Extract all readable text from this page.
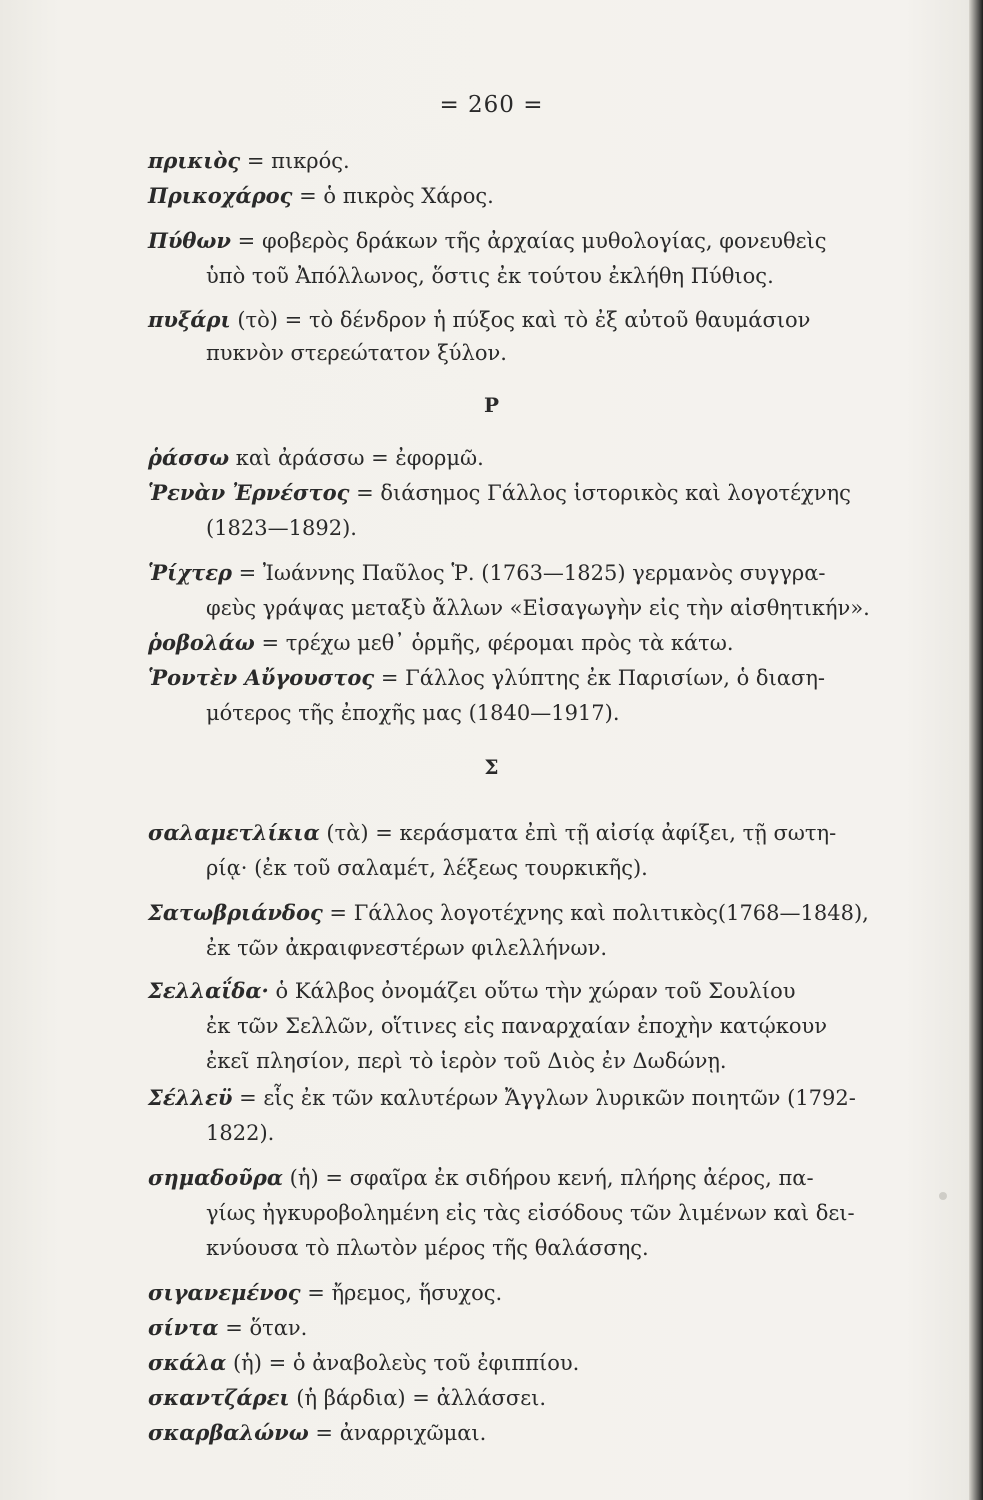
= 260 =
Ρ
Σ
πρικιὸς = πικρός.
Πρικοχάρος = ὁ πικρὸς Χάρος.
Πύθων = φοβερὸς δράκων τῆς ἀρχαίας μυθολογίας, φονευθεὶς
ὑπὸ τοῦ Ἀπόλλωνος, ὅστις ἐκ τούτου ἐκλήθη Πύθιος.
πυξάρι (τὸ) = τὸ δένδρον ἡ πύξος καὶ τὸ ἐξ αὐτοῦ θαυμάσιον
πυκνὸν στερεώτατον ξύλον.
ῥάσσω καὶ ἀράσσω = ἐφορμῶ.
Ῥενὰν Ἐρνέστος = διάσημος Γάλλος ἱστορικὸς καὶ λογοτέχνης
(1823—1892).
Ῥίχτερ = Ἰωάννης Παῦλος Ῥ. (1763—1825) γερμανὸς συγγρα-
φεὺς γράψας μεταξὺ ἄλλων «Εἰσαγωγὴν εἰς τὴν αἰσθητικήν».
ῥοβολάω = τρέχω μεθ᾽ ὁρμῆς, φέρομαι πρὸς τὰ κάτω.
Ῥοντὲν Αὔγουστος = Γάλλος γλύπτης ἐκ Παρισίων, ὁ διαση-
μότερος τῆς ἐποχῆς μας (1840—1917).
σαλαμετλίκια (τὰ) = κεράσματα ἐπὶ τῇ αἰσίᾳ ἀφίξει, τῇ σωτη-
ρίᾳ· (ἐκ τοῦ σαλαμέτ, λέξεως τουρκικῆς).
Σατωβριάνδος = Γάλλος λογοτέχνης καὶ πολιτικὸς(1768—1848),
ἐκ τῶν ἀκραιφνεστέρων φιλελλήνων.
Σελλαΐδα· ὁ Κάλβος ὀνομάζει οὕτω τὴν χώραν τοῦ Σουλίου
ἐκ τῶν Σελλῶν, οἵτινες εἰς παναρχαίαν ἐποχὴν κατῴκουν
ἐκεῖ πλησίον, περὶ τὸ ἱερὸν τοῦ Διὸς ἐν Δωδώνῃ.
Σέλλεϋ = εἷς ἐκ τῶν καλυτέρων Ἄγγλων λυρικῶν ποιητῶν (1792-
1822).
σημαδοῦρα (ἡ) = σφαῖρα ἐκ σιδήρου κενή, πλήρης ἀέρος, πα-
γίως ἠγκυροβολημένη εἰς τὰς εἰσόδους τῶν λιμένων καὶ δει-
κνύουσα τὸ πλωτὸν μέρος τῆς θαλάσσης.
σιγανεμένος = ἤρεμος, ἥσυχος.
σίντα = ὅταν.
σκάλα (ἡ) = ὁ ἀναβολεὺς τοῦ ἐφιππίου.
σκαντζάρει (ἡ βάρδια) = ἀλλάσσει.
σκαρβαλώνω = ἀναρριχῶμαι.
